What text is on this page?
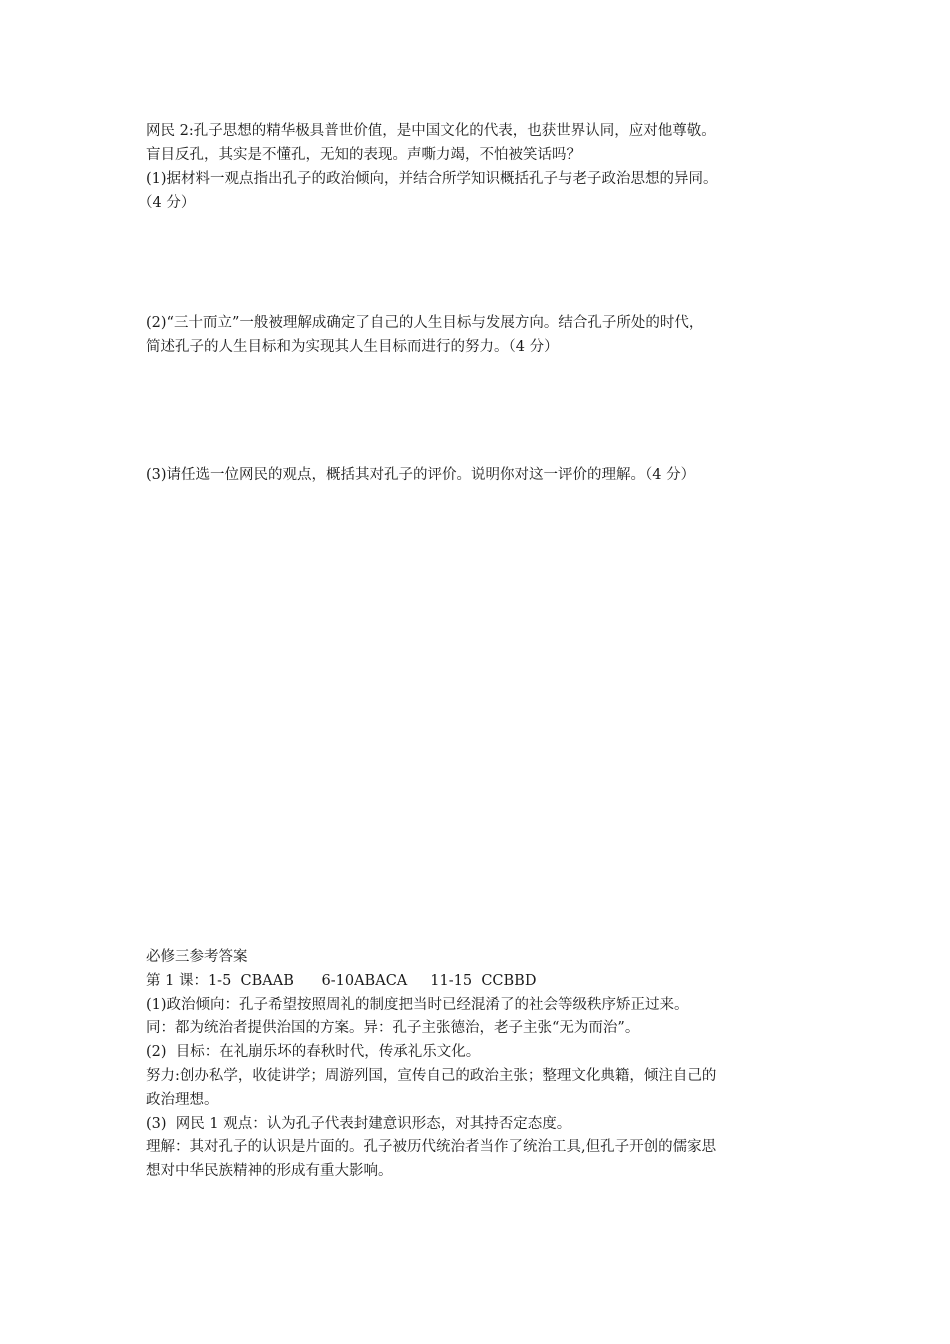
网民 2:孔子思想的精华极具普世价值，是中国文化的代表，也获世界认同，应对他尊敬。
盲目反孔，其实是不懂孔，无知的表现。声嘶力竭，不怕被笑话吗？
(1)据材料一观点指出孔子的政治倾向，并结合所学知识概括孔子与老子政治思想的异同。
（4 分）
(2)“三十而立”一般被理解成确定了自己的人生目标与发展方向。结合孔子所处的时代，
简述孔子的人生目标和为实现其人生目标而进行的努力。（4 分）
(3)请任选一位网民的观点，概括其对孔子的评价。说明你对这一评价的理解。（4 分）
必修三参考答案
第 1 课：1-5  CBAAB      6-10ABACA     11-15  CCBBD
(1)政治倾向：孔子希望按照周礼的制度把当时已经混淆了的社会等级秩序矫正过来。
同：都为统治者提供治国的方案。异：孔子主张德治，老子主张“无为而治”。
(2)  目标：在礼崩乐坏的春秋时代，传承礼乐文化。
努力:创办私学，收徒讲学；周游列国，宣传自己的政治主张；整理文化典籍，倾注自己的
政治理想。
(3)  网民 1 观点：认为孔子代表封建意识形态，对其持否定态度。
理解：其对孔子的认识是片面的。孔子被历代统治者当作了统治工具,但孔子开创的儒家思
想对中华民族精神的形成有重大影响。
